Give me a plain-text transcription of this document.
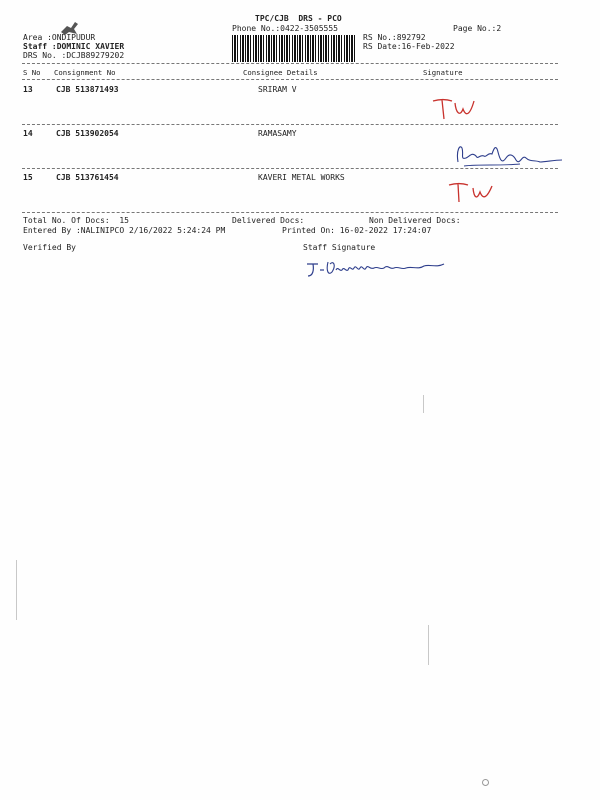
TPC/CJB  DRS - PCO
Phone No.:0422-3505555	Page No.:2
Area :ONDIPUDUR
Staff :DOMINIC XAVIER
DRS No. :DCJB89279202
RS No.:892792
RS Date:16-Feb-2022
S No Consignment No	Consignee Details	Signature
13	CJB 513871493	SRIRAM V
14	CJB 513902054	RAMASAMY
15	CJB 513761454	KAVERI METAL WORKS
Total No. Of Docs:  15	Delivered Docs:	Non Delivered Docs:
Entered By :NALINIPCO 2/16/2022 5:24:24 PM	Printed On: 16-02-2022 17:24:07
Verified By	Staff Signature
